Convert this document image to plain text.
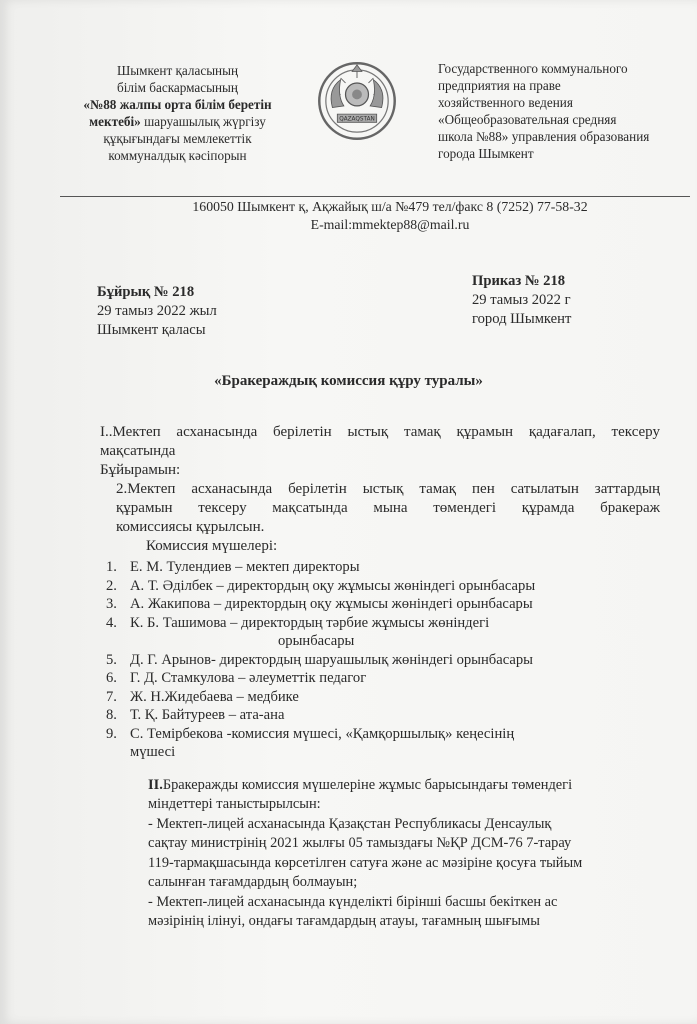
Шымкент қаласының
білім баскармасының
«№88 жалпы орта білім беретін
мектебі» шаруашылық жүргізу
құқығындағы мемлекеттік
коммуналдық кәсіпорын
QAZAQSTAN
Государственного коммунального
предприятия на праве
хозяйственного ведения
«Общеобразовательная средняя
школа №88» управления образования
города Шымкент
160050 Шымкент қ, Ақжайық ш/а №479 тел/факс 8 (7252) 77-58-32
E-mail:mmektep88@mail.ru
Бұйрық № 218
29 тамыз 2022 жыл
Шымкент қаласы
Приказ № 218
29 тамыз 2022 г
город Шымкент
«Бракераждық комиссия құру туралы»
I..Мектеп асханасында берілетін ыстық тамақ құрамын қадағалап, тексеру
мақсатында
Бұйырамын:
2.Мектеп асханасында берілетін ыстық тамақ пен сатылатын заттардың
құрамын тексеру мақсатында мына төмендегі құрамда бракераж
комиссиясы құрылсын.
Комиссия мүшелері:
1. Е. М. Тулендиев – мектеп директоры
2. А. Т. Әділбек – директордың оқу жұмысы жөніндегі орынбасары
3. А. Жакипова – директордың оқу жұмысы жөніндегі орынбасары
4. К. Б. Ташимова – директордың тәрбие жұмысы жөніндегі
орынбасары
5. Д. Г. Арынов- директордың шаруашылық жөніндегі орынбасары
6. Г. Д. Стамкулова – әлеуметтік педагог
7. Ж. Н.Жидебаева – медбике
8. Т. Қ. Байтуреев – ата-ана
9. С. Темірбекова -комиссия мүшесі, «Қамқоршылық» кеңесінің
мүшесі
II.Бракеражды комиссия мүшелеріне жұмыс барысындағы төмендегі
міндеттері таныстырылсын:
- Мектеп-лицей асханасында Қазақстан Республикасы Денсаулық
сақтау министрінің 2021 жылғы 05 тамыздағы №ҚР ДСМ-76 7-тарау
119-тармақшасында көрсетілген сатуға және ас мәзіріне қосуға тыйым
салынған тағамдардың болмауын;
- Мектеп-лицей асханасында күнделікті бірінші басшы бекіткен ас
мәзірінің ілінуі, ондағы тағамдардың атауы, тағамның шығымы
